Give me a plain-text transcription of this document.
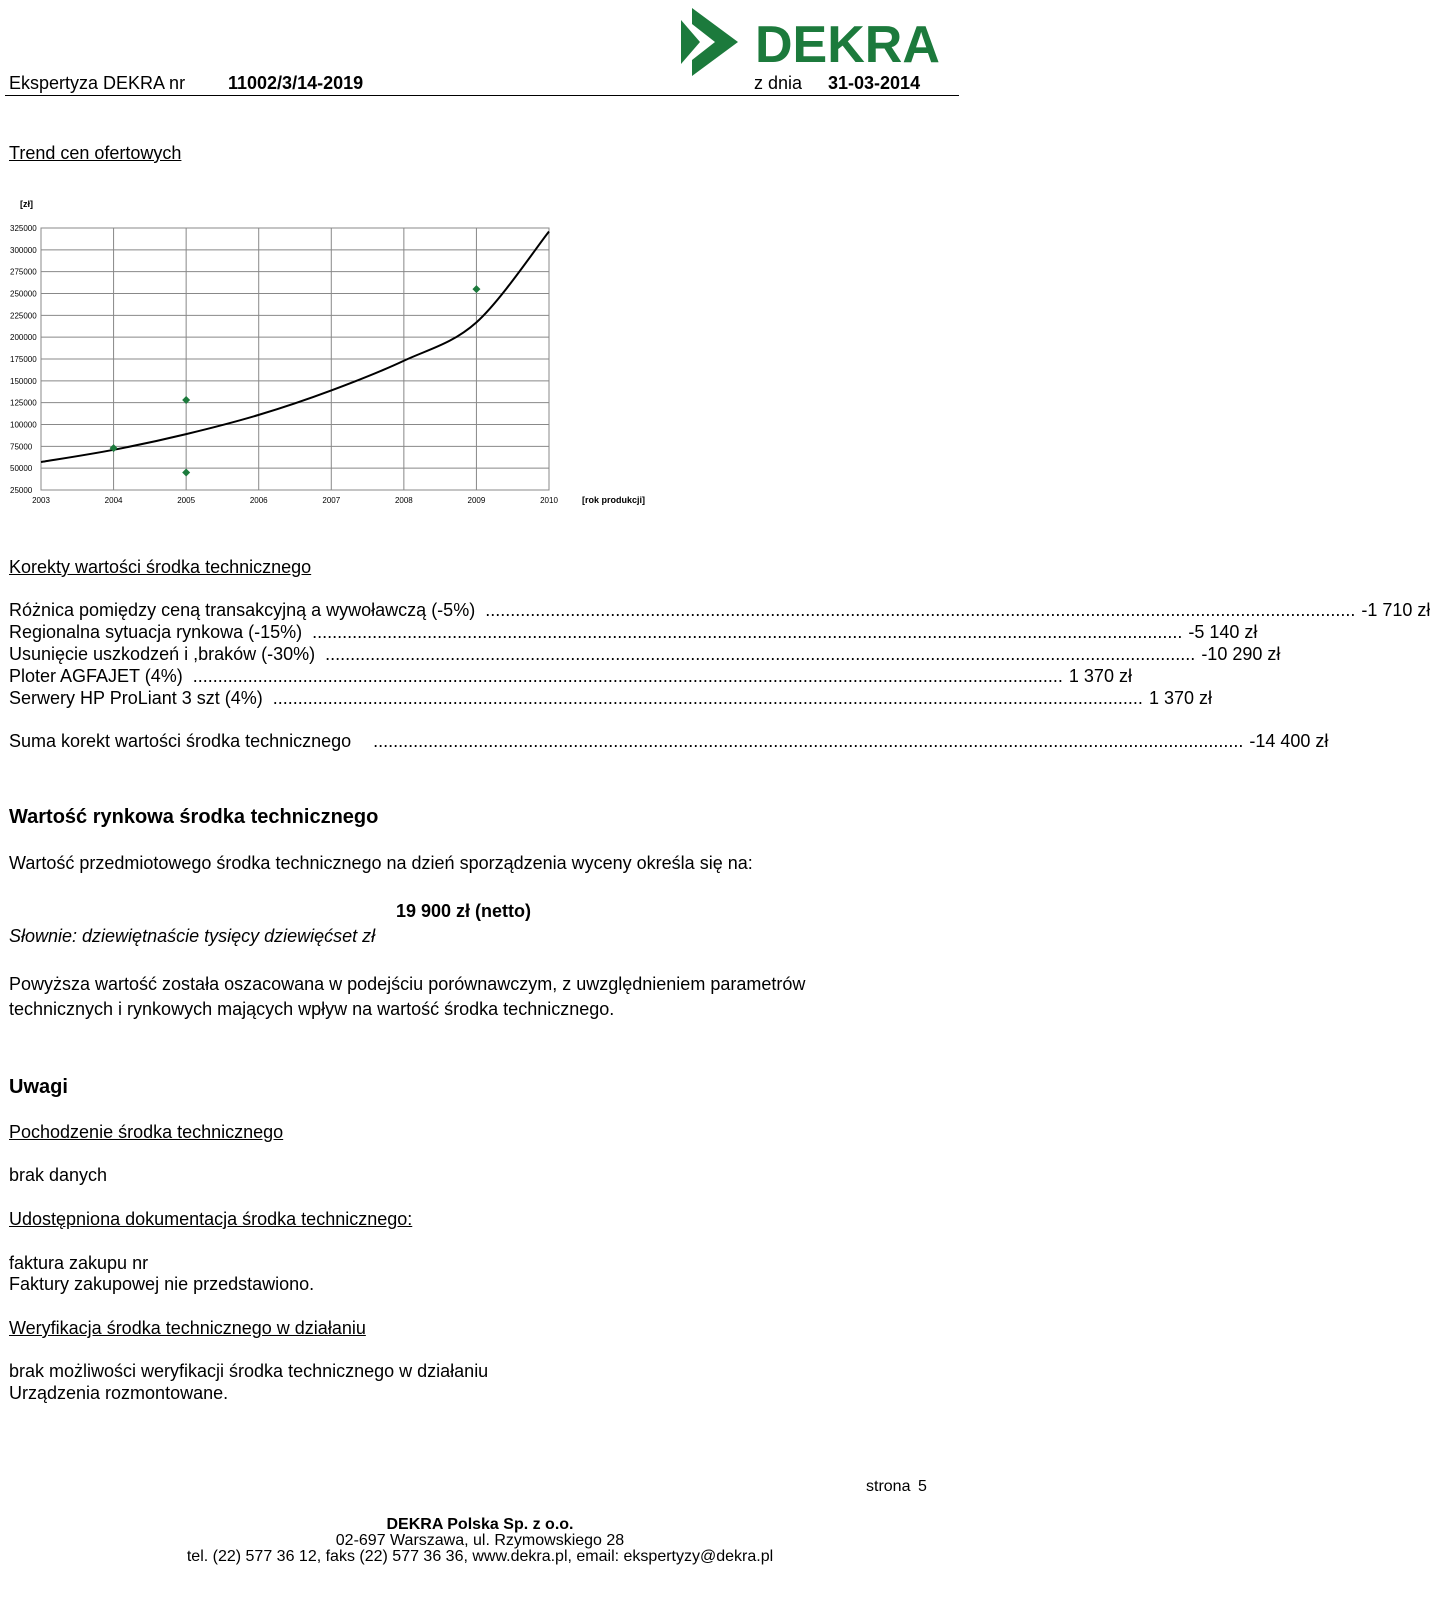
Ekspertyza DEKRA nr 11002/3/14-2019	z dnia 31-03-2014
DEKRA
Trend cen ofertowych
25000
50000
75000
100000
125000
150000
175000
200000
225000
250000
275000
300000
325000
2003	2004	2005	2006	2007	2008	2009	2010
[zł]
[rok produkcji]
Korekty wartości środka technicznego
Różnica pomiędzy ceną transakcyjną a wywoławczą (-5%) .............................................................................................................................................................................. -1 710 zł
Regionalna sytuacja rynkowa (-15%) .............................................................................................................................................................................. -5 140 zł
Usunięcie uszkodzeń i ,braków (-30%) .............................................................................................................................................................................. -10 290 zł
Ploter AGFAJET (4%) .............................................................................................................................................................................. 1 370 zł
Serwery HP ProLiant 3 szt (4%) .............................................................................................................................................................................. 1 370 zł
Suma korekt wartości środka technicznego .............................................................................................................................................................................. -14 400 zł
Wartość rynkowa środka technicznego
Wartość przedmiotowego środka technicznego na dzień sporządzenia wyceny określa się na:
19 900 zł (netto)
Słownie: dziewiętnaście tysięcy dziewięćset zł
Powyższa wartość została oszacowana w podejściu porównawczym, z uwzględnieniem parametrów
technicznych i rynkowych mających wpływ na wartość środka technicznego.
Uwagi
Pochodzenie środka technicznego
brak danych
Udostępniona dokumentacja środka technicznego:
faktura zakupu nr
Faktury zakupowej nie przedstawiono.
Weryfikacja środka technicznego w działaniu
brak możliwości weryfikacji środka technicznego w działaniu
Urządzenia rozmontowane.
strona 5
DEKRA Polska Sp. z o.o.
02-697 Warszawa, ul. Rzymowskiego 28
tel. (22) 577 36 12, faks (22) 577 36 36, www.dekra.pl, email: ekspertyzy@dekra.pl
